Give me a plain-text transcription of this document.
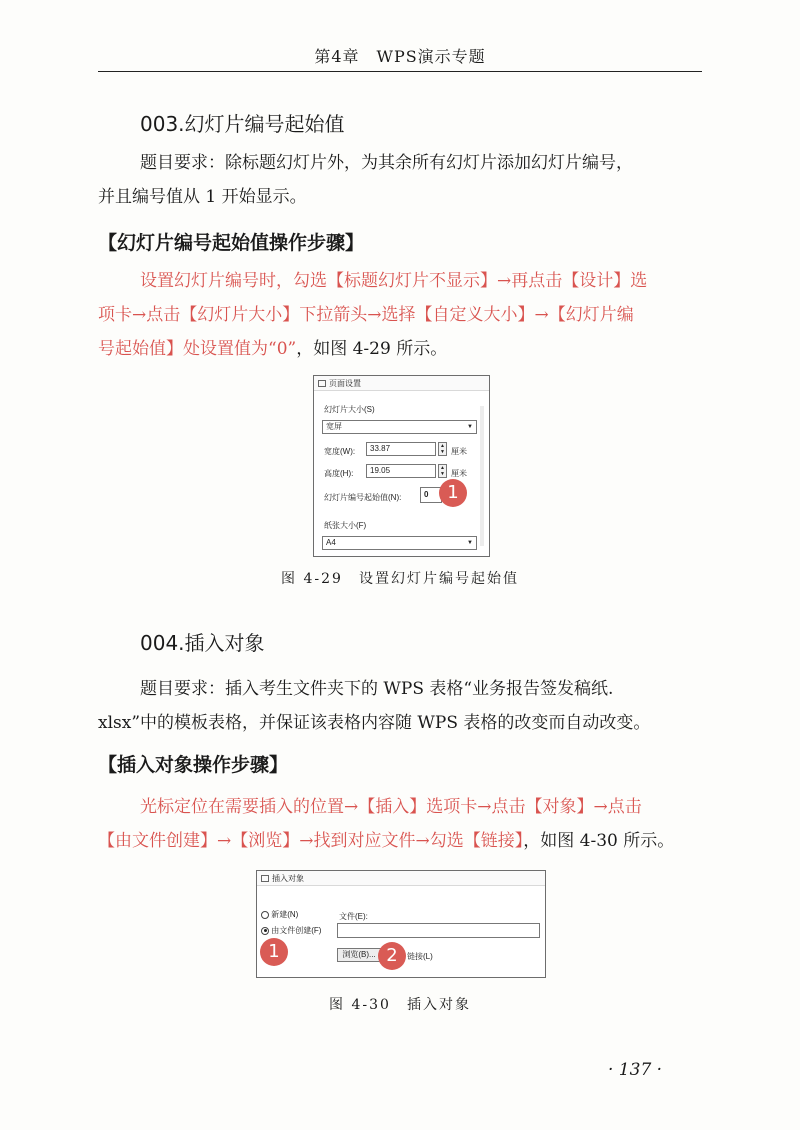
第4章　WPS演示专题
003.幻灯片编号起始值
题目要求：除标题幻灯片外，为其余所有幻灯片添加幻灯片编号，
并且编号值从 1 开始显示。
【幻灯片编号起始值操作步骤】
设置幻灯片编号时，勾选【标题幻灯片不显示】→再点击【设计】选
项卡→点击【幻灯片大小】下拉箭头→选择【自定义大小】→【幻灯片编
号起始值】处设置值为“0”，如图 4-29 所示。
页面设置
幻灯片大小(S)
宽屏	▼
宽度(W):	33.87	▲
▼ 厘米
高度(H):	19.05	▲
▼ 厘米
幻灯片编号起始值(N):	0
纸张大小(F)
A4	▼
1
图 4-29　设置幻灯片编号起始值
004.插入对象
题目要求：插入考生文件夹下的 WPS 表格“业务报告签发稿纸.
xlsx”中的模板表格，并保证该表格内容随 WPS 表格的改变而自动改变。
【插入对象操作步骤】
光标定位在需要插入的位置→【插入】选项卡→点击【对象】→点击
【由文件创建】→【浏览】→找到对应文件→勾选【链接】，如图 4-30 所示。
插入对象
新建(N)
由文件创建(F)
文件(E):
浏览(B)...	链接(L)
1	2
图 4-30　插入对象
· 137 ·
